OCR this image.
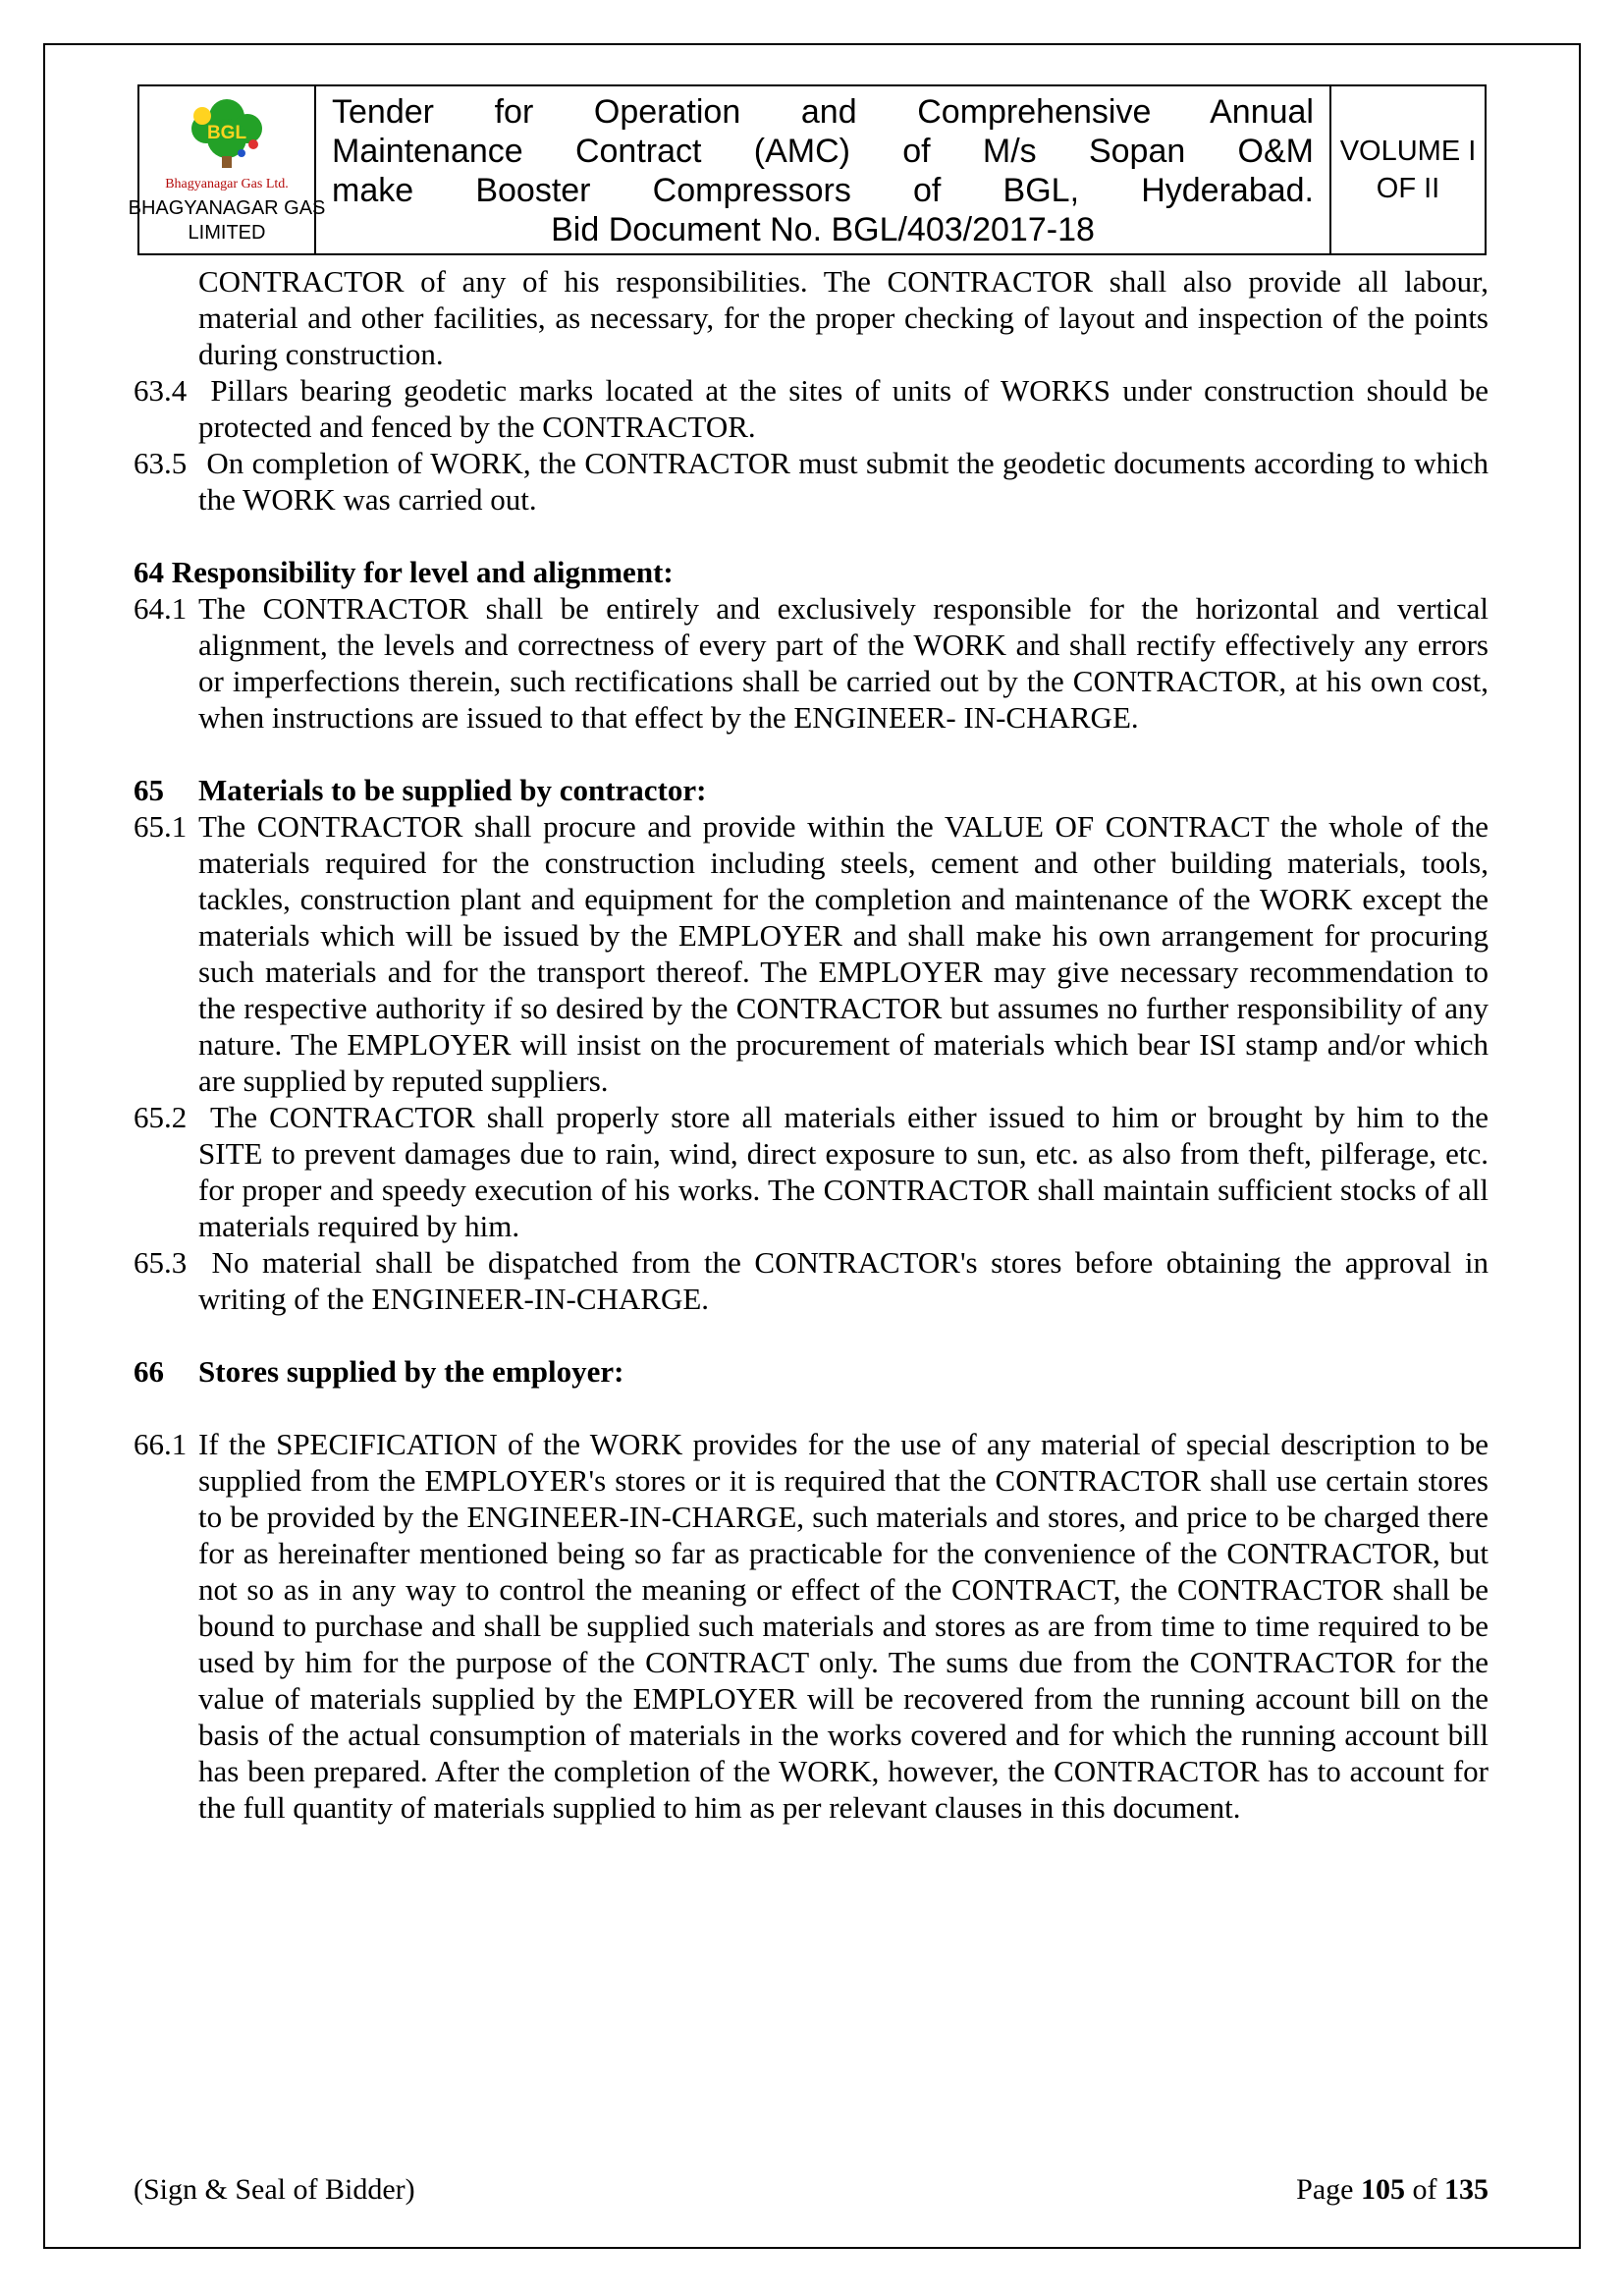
BGL
Bhagyanagar Gas Ltd.
BHAGYANAGAR GAS
LIMITED
Tender for Operation and Comprehensive Annual
Maintenance Contract (AMC) of M/s Sopan O&M
make Booster Compressors of BGL, Hyderabad.
Bid Document No. BGL/403/2017-18
VOLUME I
OF II
CONTRACTOR of any of his responsibilities. The CONTRACTOR shall also provide all labour, material and other facilities, as necessary, for the proper checking of layout and inspection of the points during construction.
63.4 Pillars bearing geodetic marks located at the sites of units of WORKS under construction should be protected and fenced by the CONTRACTOR.
63.5 On completion of WORK, the CONTRACTOR must submit the geodetic documents according to which the WORK was carried out.
64 Responsibility for level and alignment:
64.1 The CONTRACTOR shall be entirely and exclusively responsible for the horizontal and vertical alignment, the levels and correctness of every part of the WORK and shall rectify effectively any errors or imperfections therein, such rectifications shall be carried out by the CONTRACTOR, at his own cost, when instructions are issued to that effect by the ENGINEER- IN-CHARGE.
65 Materials to be supplied by contractor:
65.1 The CONTRACTOR shall procure and provide within the VALUE OF CONTRACT the whole of the materials required for the construction including steels, cement and other building materials, tools, tackles, construction plant and equipment for the completion and maintenance of the WORK except the materials which will be issued by the EMPLOYER and shall make his own arrangement for procuring such materials and for the transport thereof. The EMPLOYER may give necessary recommendation to the respective authority if so desired by the CONTRACTOR but assumes no further responsibility of any nature. The EMPLOYER will insist on the procurement of materials which bear ISI stamp and/or which are supplied by reputed suppliers.
65.2 The CONTRACTOR shall properly store all materials either issued to him or brought by him to the SITE to prevent damages due to rain, wind, direct exposure to sun, etc. as also from theft, pilferage, etc. for proper and speedy execution of his works. The CONTRACTOR shall maintain sufficient stocks of all materials required by him.
65.3 No material shall be dispatched from the CONTRACTOR's stores before obtaining the approval in writing of the ENGINEER-IN-CHARGE.
66 Stores supplied by the employer:
66.1 If the SPECIFICATION of the WORK provides for the use of any material of special description to be supplied from the EMPLOYER's stores or it is required that the CONTRACTOR shall use certain stores to be provided by the ENGINEER-IN-CHARGE, such materials and stores, and price to be charged there for as hereinafter mentioned being so far as practicable for the convenience of the CONTRACTOR, but not so as in any way to control the meaning or effect of the CONTRACT, the CONTRACTOR shall be bound to purchase and shall be supplied such materials and stores as are from time to time required to be used by him for the purpose of the CONTRACT only. The sums due from the CONTRACTOR for the value of materials supplied by the EMPLOYER will be recovered from the running account bill on the basis of the actual consumption of materials in the works covered and for which the running account bill has been prepared. After the completion of the WORK, however, the CONTRACTOR has to account for the full quantity of materials supplied to him as per relevant clauses in this document.
(Sign & Seal of Bidder)	Page 105 of 135
